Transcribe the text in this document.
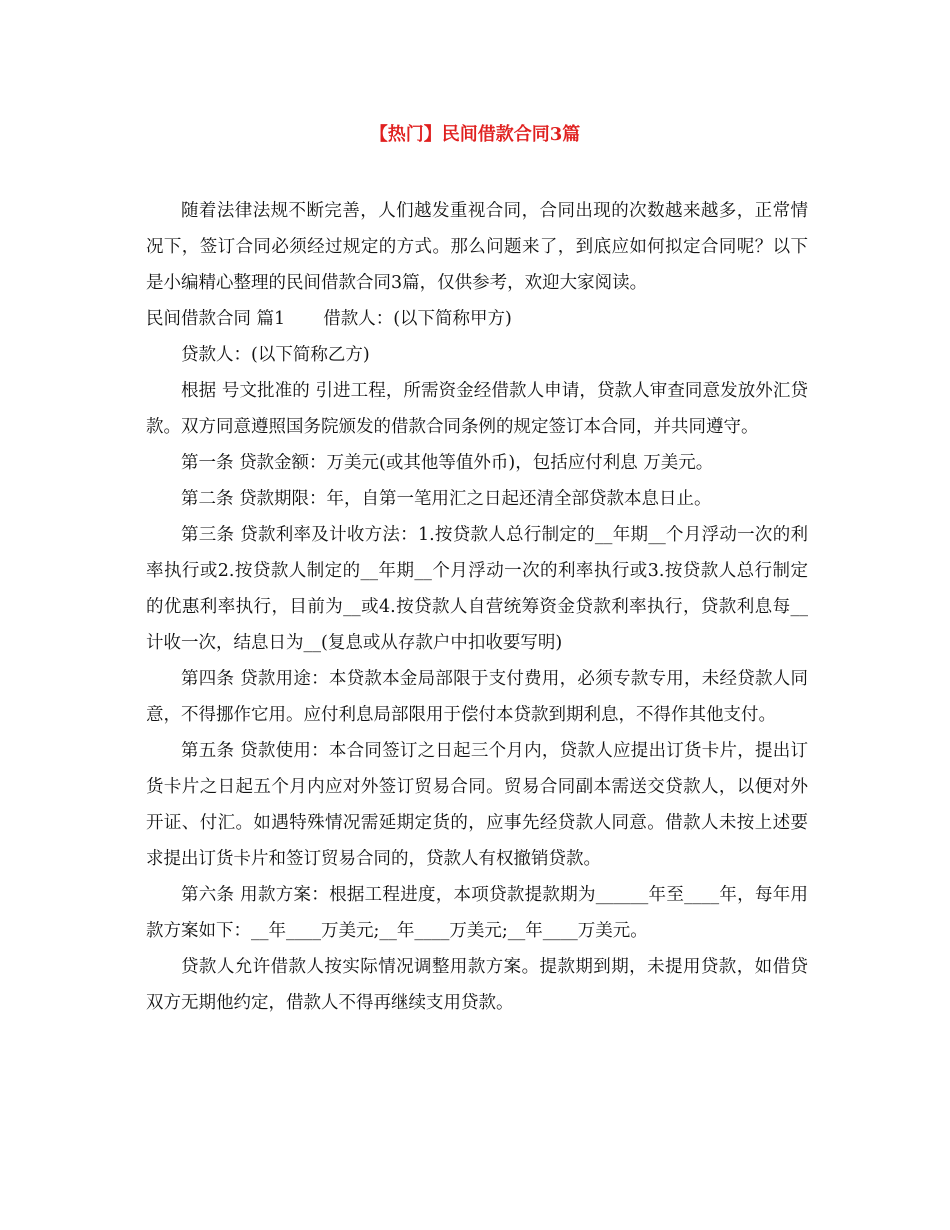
【热门】民间借款合同3篇

随着法律法规不断完善，人们越发重视合同，合同出现的次数越来越多，正常情况下，签订合同必须经过规定的方式。那么问题来了，到底应如何拟定合同呢？以下是小编精心整理的民间借款合同3篇，仅供参考，欢迎大家阅读。

民间借款合同 篇1 借款人：(以下简称甲方)

贷款人：(以下简称乙方)

根据 号文批准的 引进工程，所需资金经借款人申请，贷款人审查同意发放外汇贷款。双方同意遵照国务院颁发的借款合同条例的规定签订本合同，并共同遵守。

第一条 贷款金额：万美元(或其他等值外币)，包括应付利息 万美元。

第二条 贷款期限：年，自第一笔用汇之日起还清全部贷款本息日止。

第三条 贷款利率及计收方法：1.按贷款人总行制定的__年期__个月浮动一次的利率执行或2.按贷款人制定的__年期__个月浮动一次的利率执行或3.按贷款人总行制定的优惠利率执行，目前为__或4.按贷款人自营统筹资金贷款利率执行，贷款利息每__计收一次，结息日为__(复息或从存款户中扣收要写明)

第四条 贷款用途：本贷款本金局部限于支付费用，必须专款专用，未经贷款人同意，不得挪作它用。应付利息局部限用于偿付本贷款到期利息，不得作其他支付。

第五条 贷款使用：本合同签订之日起三个月内，贷款人应提出订货卡片，提出订货卡片之日起五个月内应对外签订贸易合同。贸易合同副本需送交贷款人，以便对外开证、付汇。如遇特殊情况需延期定货的，应事先经贷款人同意。借款人未按上述要求提出订货卡片和签订贸易合同的，贷款人有权撤销贷款。

第六条 用款方案：根据工程进度，本项贷款提款期为______年至____年，每年用款方案如下：__年____万美元;__年____万美元;__年____万美元。

贷款人允许借款人按实际情况调整用款方案。提款期到期，未提用贷款，如借贷双方无期他约定，借款人不得再继续支用贷款。
